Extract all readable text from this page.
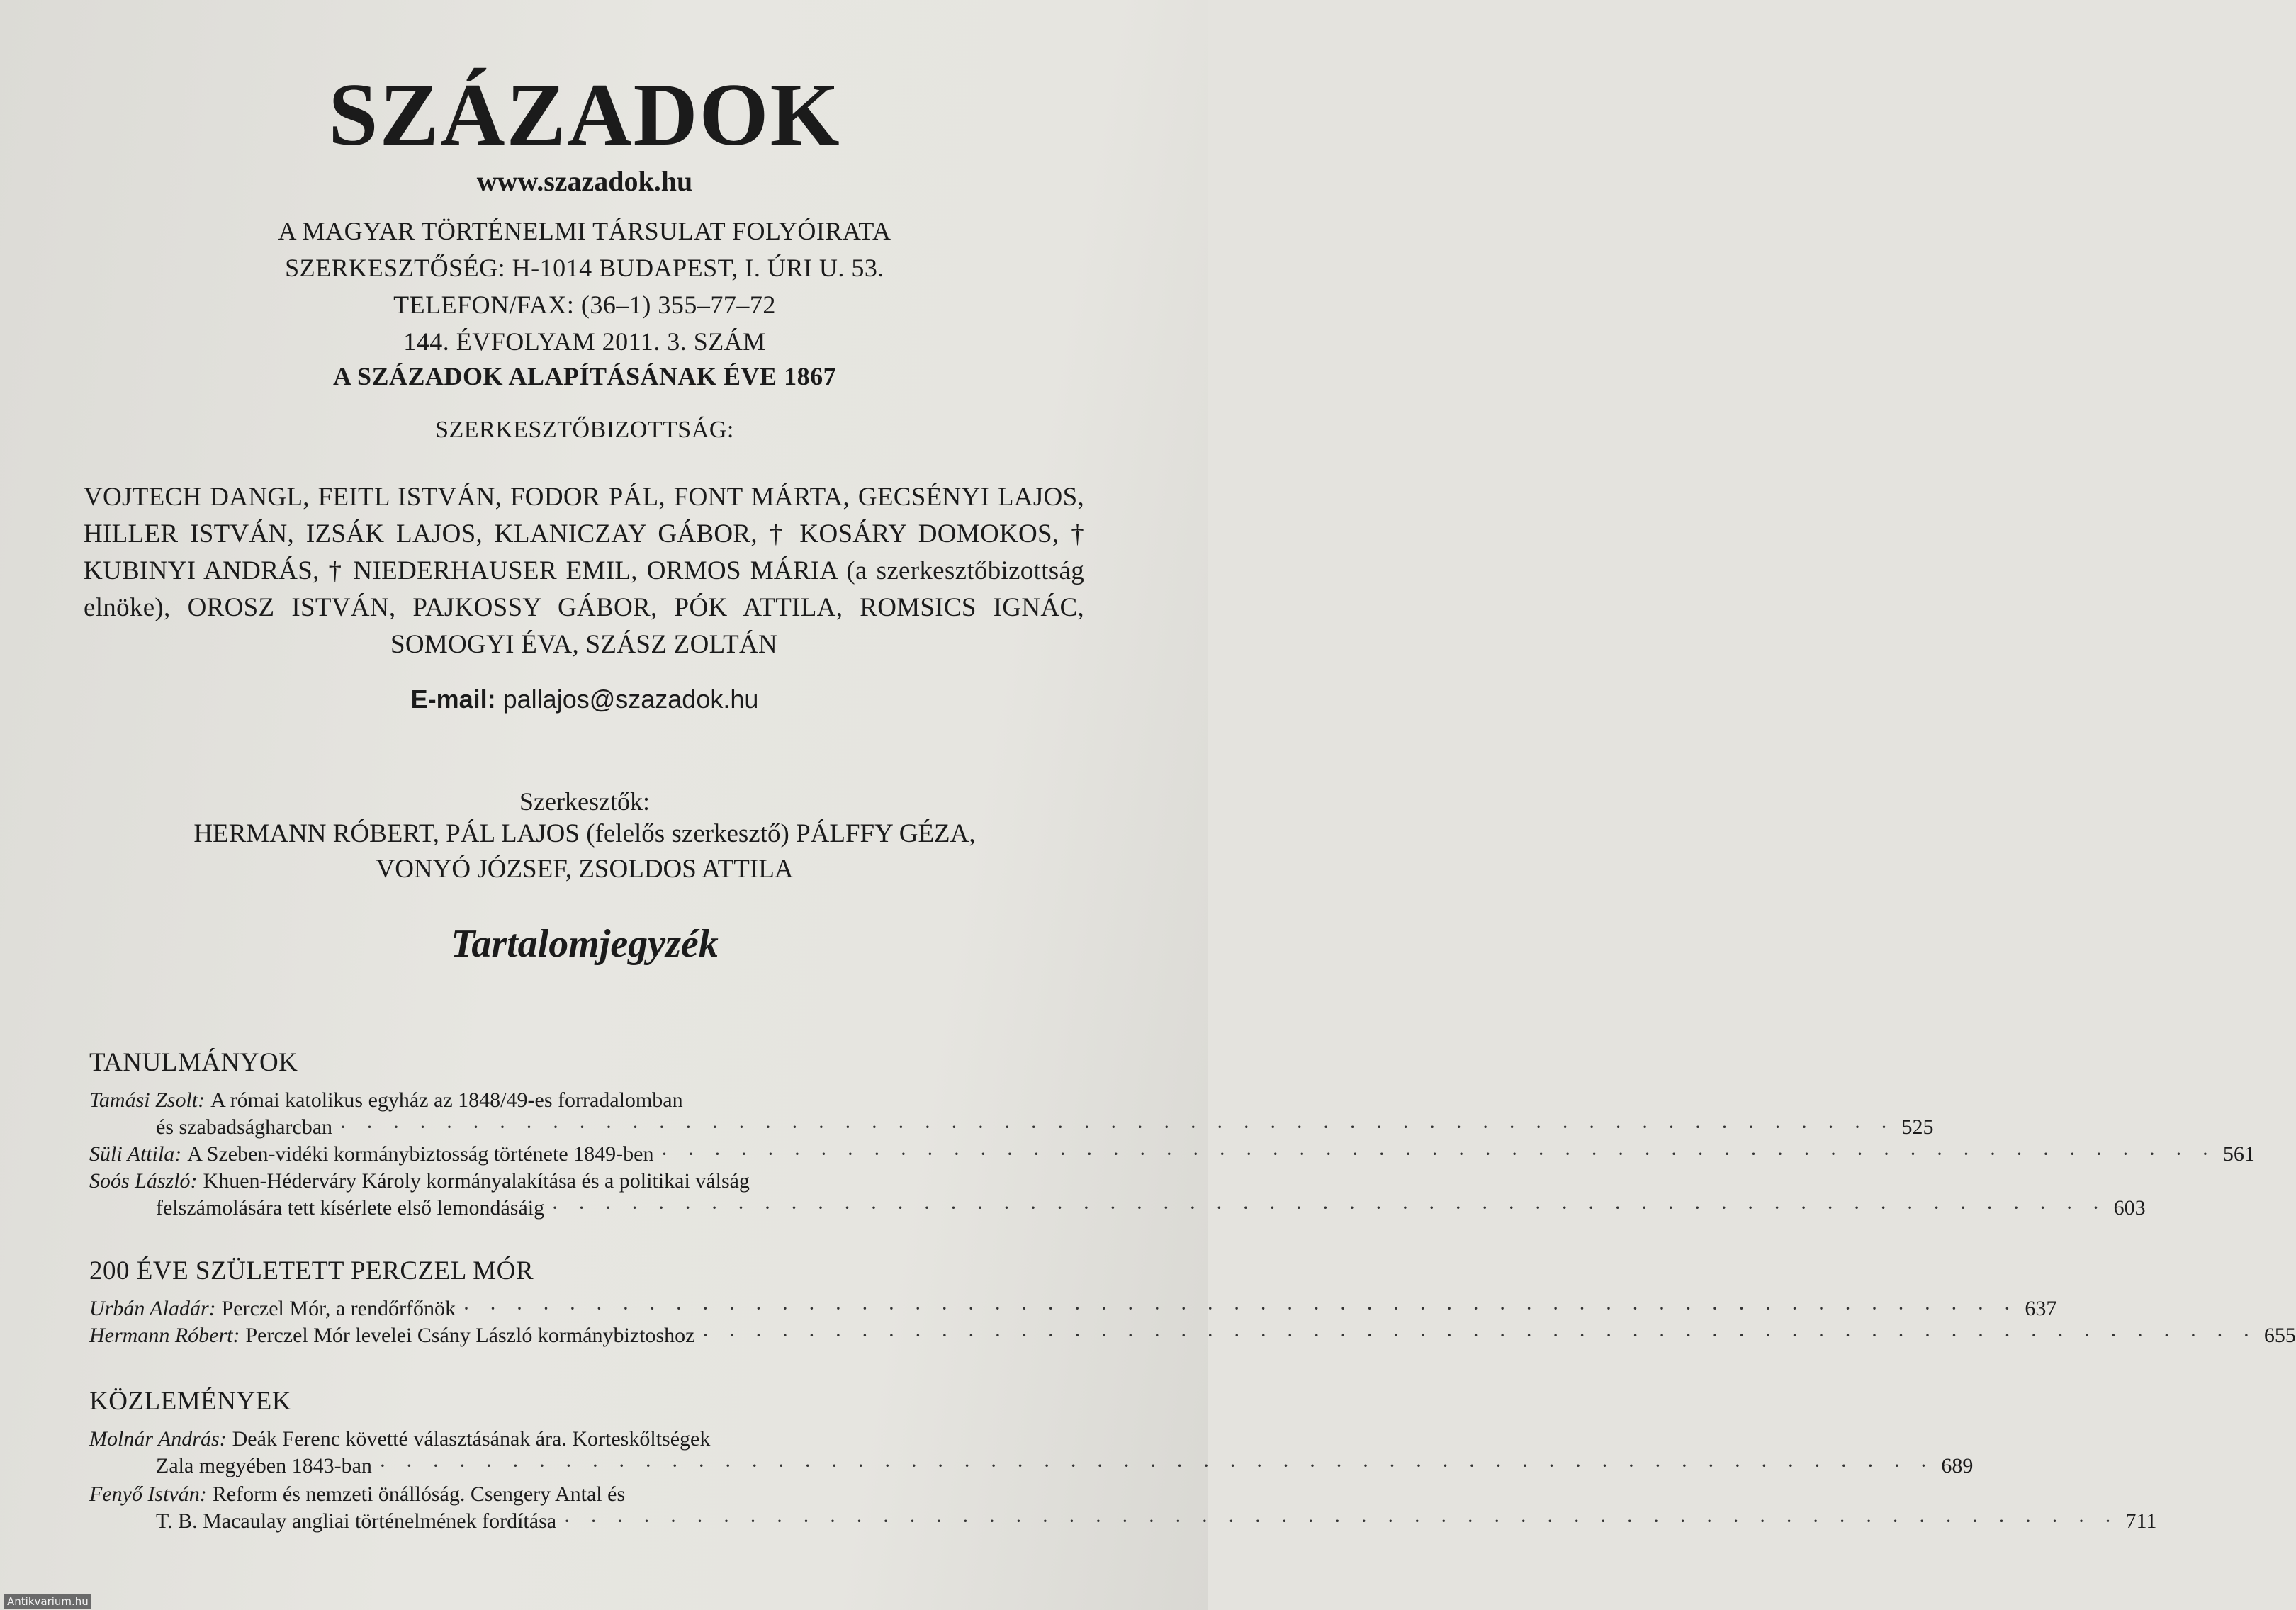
SZÁZADOK
www.szazadok.hu
A MAGYAR TÖRTÉNELMI TÁRSULAT FOLYÓIRATA
SZERKESZTŐSÉG: H-1014 BUDAPEST, I. ÚRI U. 53.
TELEFON/FAX: (36–1) 355–77–72
144. ÉVFOLYAM 2011. 3. SZÁM
A SZÁZADOK ALAPÍTÁSÁNAK ÉVE 1867
SZERKESZTŐBIZOTTSÁG:
VOJTECH DANGL, FEITL ISTVÁN, FODOR PÁL, FONT MÁRTA, GECSÉNYI LAJOS, HILLER ISTVÁN, IZSÁK LAJOS, KLANICZAY GÁBOR, † KOSÁRY DOMOKOS, † KUBINYI ANDRÁS, † NIEDERHAUSER EMIL, ORMOS MÁRIA (a szerkesztőbizottság elnöke), OROSZ ISTVÁN, PAJKOSSY GÁBOR, PÓK ATTILA, ROMSICS IGNÁC, SOMOGYI ÉVA, SZÁSZ ZOLTÁN
E-mail: pallajos@szazadok.hu
Szerkesztők:
HERMANN RÓBERT, PÁL LAJOS (felelős szerkesztő) PÁLFFY GÉZA,
VONYÓ JÓZSEF, ZSOLDOS ATTILA
Tartalomjegyzék
TANULMÁNYOK
Tamási Zsolt: A római katolikus egyház az 1848/49-es forradalomban
és szabadságharcban · · · · · · · · · · · · · · · · · · · · · · · · · · · · · · · · · · · · · · · · · · · · · · · · · · · · · · · · · · · 525
Süli Attila: A Szeben-vidéki kormánybiztosság története 1849-ben · · · · · · · · · · · · · · · · · · · · · · · · · · · · · · · · · · · · · · · · · · · · · · · · · · · · · · · · · · · 561
Soós László: Khuen-Héderváry Károly kormányalakítása és a politikai válság
felszámolására tett kísérlete első lemondásáig · · · · · · · · · · · · · · · · · · · · · · · · · · · · · · · · · · · · · · · · · · · · · · · · · · · · · · · · · · · 603
200 ÉVE SZÜLETETT PERCZEL MÓR
Urbán Aladár: Perczel Mór, a rendőrfőnök · · · · · · · · · · · · · · · · · · · · · · · · · · · · · · · · · · · · · · · · · · · · · · · · · · · · · · · · · · · 637
Hermann Róbert: Perczel Mór levelei Csány László kormánybiztoshoz · · · · · · · · · · · · · · · · · · · · · · · · · · · · · · · · · · · · · · · · · · · · · · · · · · · · · · · · · · · 655
KÖZLEMÉNYEK
Molnár András: Deák Ferenc követté választásának ára. Korteskőltségek
Zala megyében 1843-ban · · · · · · · · · · · · · · · · · · · · · · · · · · · · · · · · · · · · · · · · · · · · · · · · · · · · · · · · · · · 689
Fenyő István: Reform és nemzeti önállóság. Csengery Antal és
T. B. Macaulay angliai történelmének fordítása · · · · · · · · · · · · · · · · · · · · · · · · · · · · · · · · · · · · · · · · · · · · · · · · · · · · · · · · · · · 711
Antikvarium.hu
